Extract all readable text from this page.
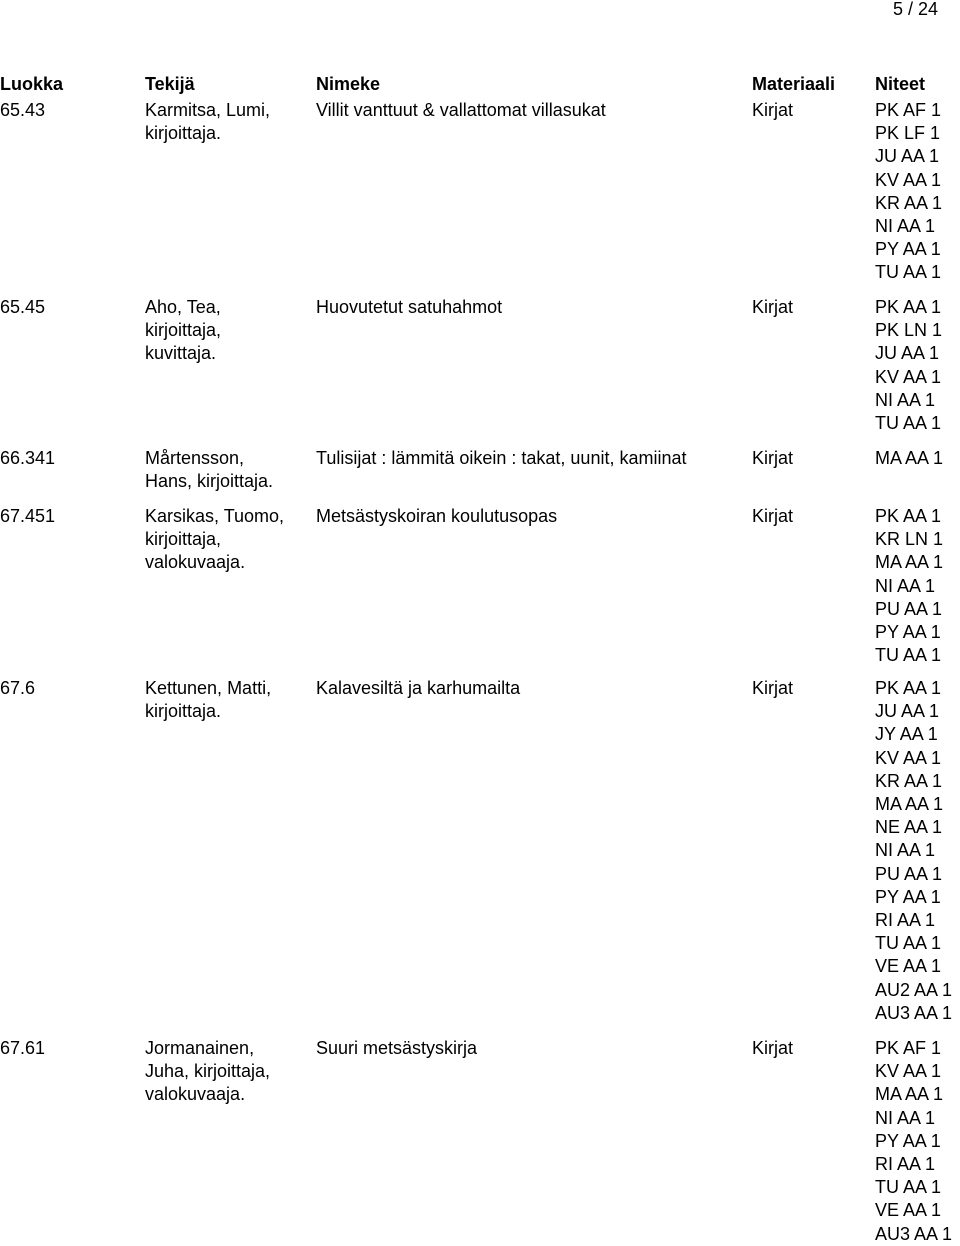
5 / 24
Luokka	Tekijä	Nimeke	Materiaali Niteet
65.43	Karmitsa, Lumi,
kirjoittaja.
Villit vanttuut & vallattomat villasukat	Kirjat	PK AF 1
PK LF 1
JU AA 1
KV AA 1
KR AA 1
NI AA 1
PY AA 1
TU AA 1
65.45	Aho, Tea,
kirjoittaja,
kuvittaja.
Huovutetut satuhahmot	Kirjat	PK AA 1
PK LN 1
JU AA 1
KV AA 1
NI AA 1
TU AA 1
66.341	Mårtensson,
Hans, kirjoittaja.
Tulisijat : lämmitä oikein : takat, uunit, kamiinat	Kirjat	MA AA 1
67.451	Karsikas, Tuomo,
kirjoittaja,
valokuvaaja.
Metsästyskoiran koulutusopas	Kirjat	PK AA 1
KR LN 1
MA AA 1
NI AA 1
PU AA 1
PY AA 1
TU AA 1
67.6	Kettunen, Matti,
kirjoittaja.
Kalavesiltä ja karhumailta	Kirjat	PK AA 1
JU AA 1
JY AA 1
KV AA 1
KR AA 1
MA AA 1
NE AA 1
NI AA 1
PU AA 1
PY AA 1
RI AA 1
TU AA 1
VE AA 1
AU2 AA 1
AU3 AA 1
67.61	Jormanainen,
Juha, kirjoittaja,
valokuvaaja.
Suuri metsästyskirja	Kirjat	PK AF 1
KV AA 1
MA AA 1
NI AA 1
PY AA 1
RI AA 1
TU AA 1
VE AA 1
AU3 AA 1
